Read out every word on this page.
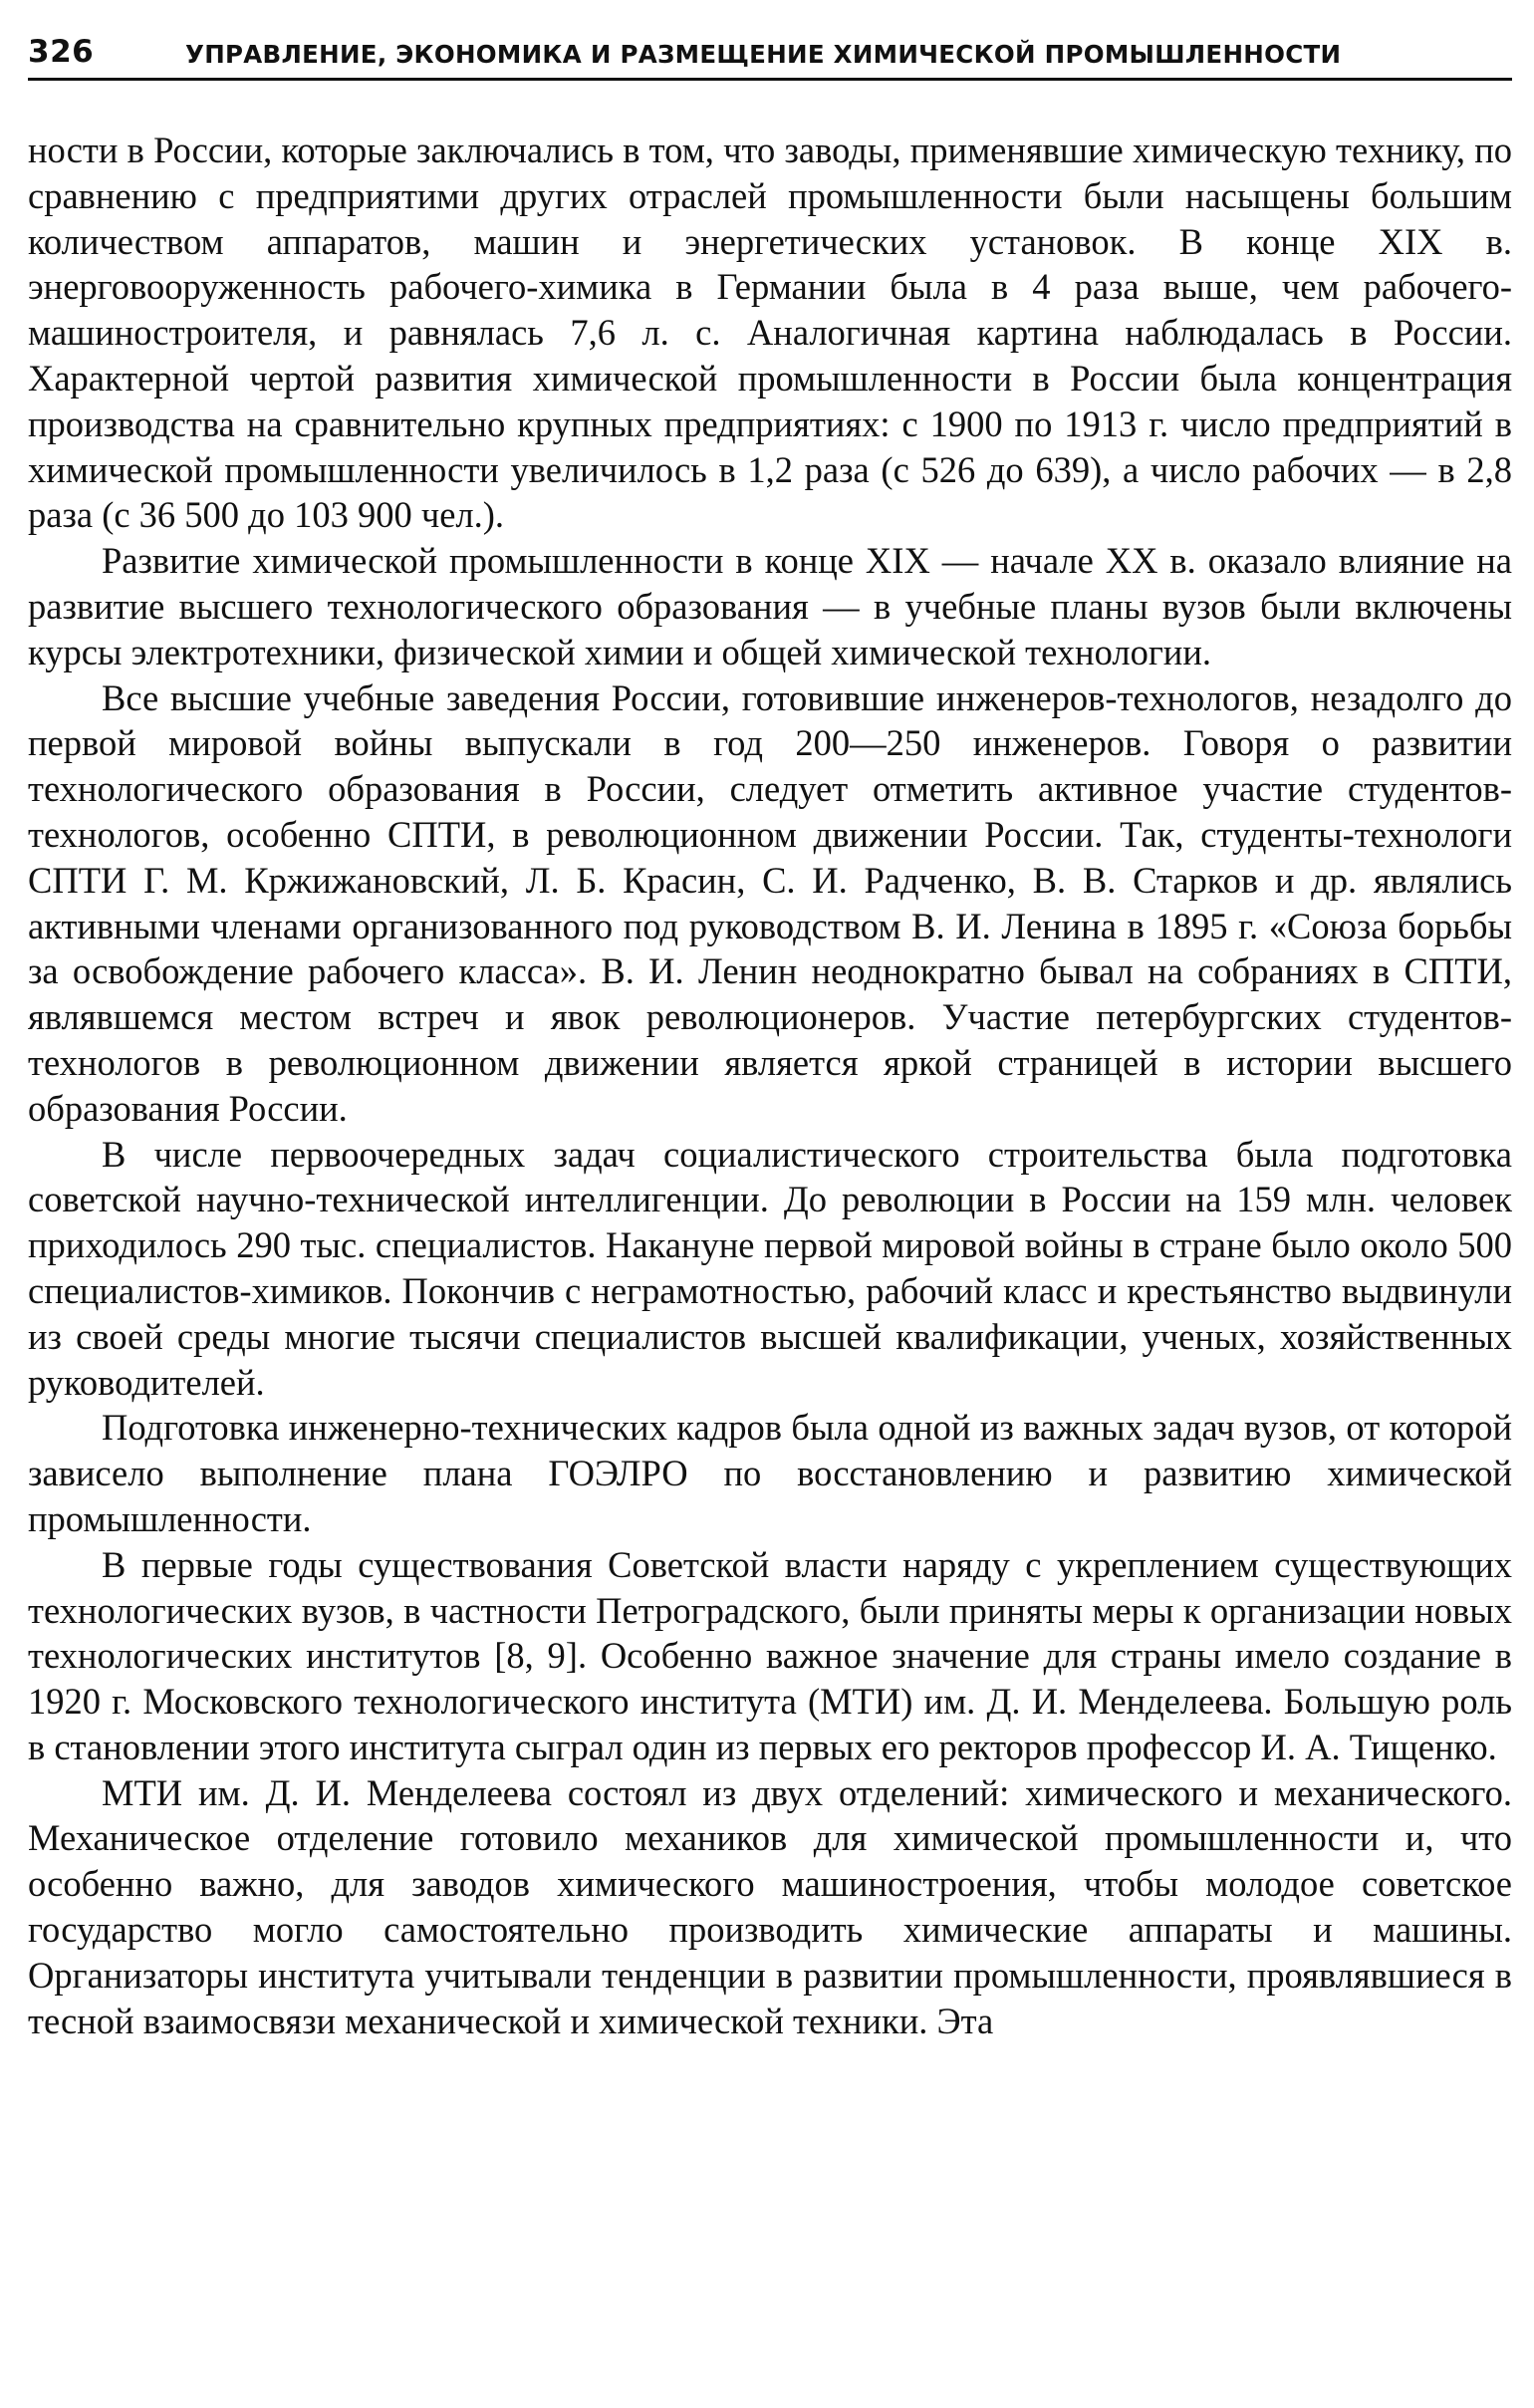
326	УПРАВЛЕНИЕ, ЭКОНОМИКА И РАЗМЕЩЕНИЕ ХИМИЧЕСКОЙ ПРОМЫШЛЕННОСТИ

ности в России, которые заключались в том, что заводы, применявшие химическую технику, по сравнению с предприятими других отраслей промышленности были насыщены большим количеством аппаратов, машин и энергетических установок. В конце XIX в. энерговооруженность рабочего-химика в Германии была в 4 раза выше, чем рабочего-машиностроителя, и равнялась 7,6 л. с. Аналогичная картина наблюдалась в России. Характерной чертой развития химической промышленности в России была концентрация производства на сравнительно крупных предприятиях: с 1900 по 1913 г. число предприятий в химической промышленности увеличилось в 1,2 раза (с 526 до 639), а число рабочих — в 2,8 раза (с 36 500 до 103 900 чел.).

Развитие химической промышленности в конце XIX — начале XX в. оказало влияние на развитие высшего технологического образования — в учебные планы вузов были включены курсы электротехники, физической химии и общей химической технологии.

Все высшие учебные заведения России, готовившие инженеров-технологов, незадолго до первой мировой войны выпускали в год 200—250 инженеров. Говоря о развитии технологического образования в России, следует отметить активное участие студентов-технологов, особенно СПТИ, в революционном движении России. Так, студенты-технологи СПТИ Г. М. Кржижановский, Л. Б. Красин, С. И. Радченко, В. В. Старков и др. являлись активными членами организованного под руководством В. И. Ленина в 1895 г. «Союза борьбы за освобождение рабочего класса». В. И. Ленин неоднократно бывал на собраниях в СПТИ, являвшемся местом встреч и явок революционеров. Участие петербургских студентов-технологов в революционном движении является яркой страницей в истории высшего образования России.

В числе первоочередных задач социалистического строительства была подготовка советской научно-технической интеллигенции. До революции в России на 159 млн. человек приходилось 290 тыс. специалистов. Накануне первой мировой войны в стране было около 500 специалистов-химиков. Покончив с неграмотностью, рабочий класс и крестьянство выдвинули из своей среды многие тысячи специалистов высшей квалификации, ученых, хозяйственных руководителей.

Подготовка инженерно-технических кадров была одной из важных задач вузов, от которой зависело выполнение плана ГОЭЛРО по восстановлению и развитию химической промышленности.

В первые годы существования Советской власти наряду с укреплением существующих технологических вузов, в частности Петроградского, были приняты меры к организации новых технологических институтов [8, 9]. Особенно важное значение для страны имело создание в 1920 г. Московского технологического института (МТИ) им. Д. И. Менделеева. Большую роль в становлении этого института сыграл один из первых его ректоров профессор И. А. Тищенко.

МТИ им. Д. И. Менделеева состоял из двух отделений: химического и механического. Механическое отделение готовило механиков для химической промышленности и, что особенно важно, для заводов химического машиностроения, чтобы молодое советское государство могло самостоятельно производить химические аппараты и машины. Организаторы института учитывали тенденции в развитии промышленности, проявлявшиеся в тесной взаимосвязи механической и химической техники. Эта
